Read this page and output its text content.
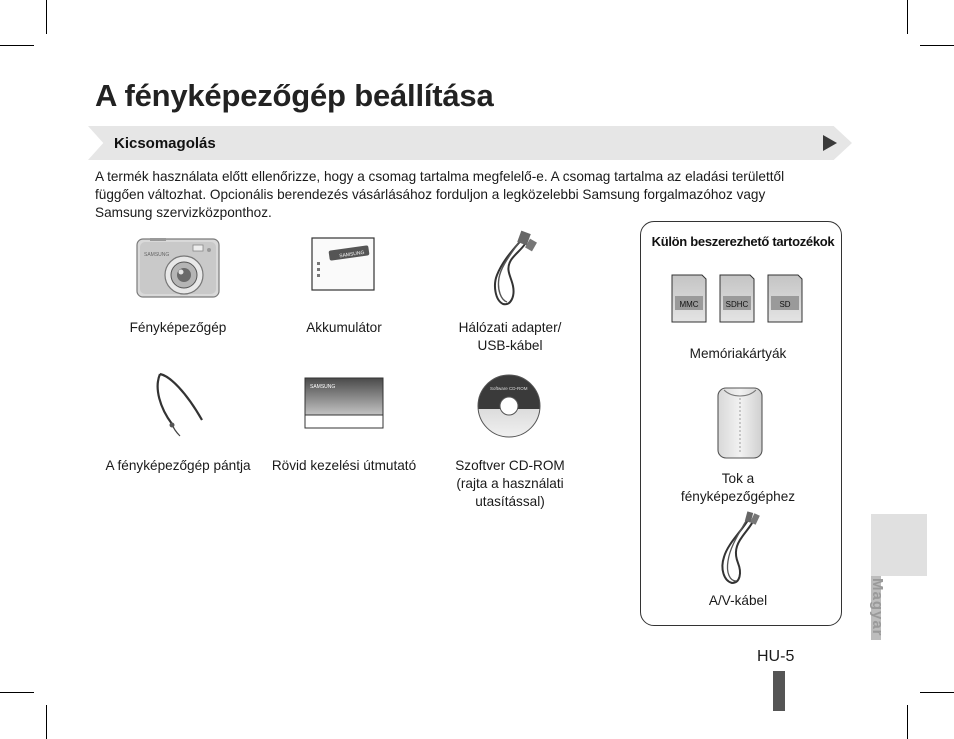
A fényképezőgép beállítása
Kicsomagolás

A termék használata előtt ellenőrizze, hogy a csomag tartalma megfelelő-e. A csomag tartalma az eladási területtől függően változhat. Opcionális berendezés vásárlásához forduljon a legközelebbi Samsung forgalmazóhoz vagy Samsung szervizközponthoz.

SAMSUNG	SAMSUNG
SAMSUNG	Software CD-ROM
Fényképezőgép	Akkumulátor	Hálózati adapter/
USB-kábel
A fényképezőgép pántja	Rövid kezelési útmutató	Szoftver CD-ROM
(rajta a használati
utasítással)
Külön beszerezhető tartozékok
MMC	SDHC	SD
Memóriakártyák
Tok a
fényképezőgéphez
A/V-kábel	Magyar
HU-5
